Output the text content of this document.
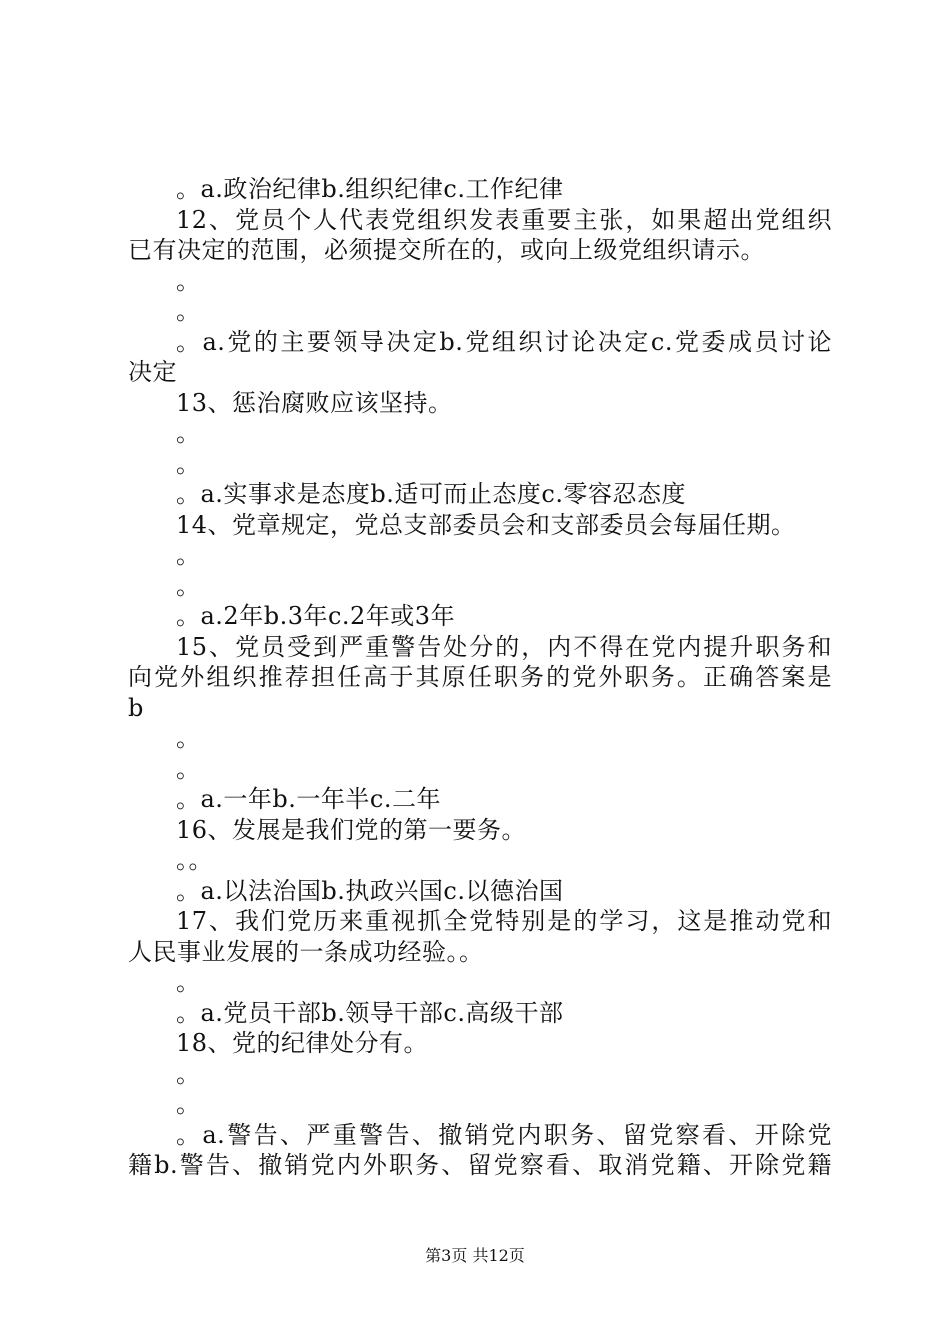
。a.政治纪律b.组织纪律c.工作纪律
12、党员个人代表党组织发表重要主张，如果超出党组织
已有决定的范围，必须提交所在的，或向上级党组织请示。
。
。
。a.党的主要领导决定b.党组织讨论决定c.党委成员讨论
决定
13、惩治腐败应该坚持。
。
。
。a.实事求是态度b.适可而止态度c.零容忍态度
14、党章规定，党总支部委员会和支部委员会每届任期。
。
。
。a.2年b.3年c.2年或3年
15、党员受到严重警告处分的，内不得在党内提升职务和
向党外组织推荐担任高于其原任职务的党外职务。正确答案是
b
。
。
。a.一年b.一年半c.二年
16、发展是我们党的第一要务。
。。
。a.以法治国b.执政兴国c.以德治国
17、我们党历来重视抓全党特别是的学习，这是推动党和
人民事业发展的一条成功经验。。
。
。a.党员干部b.领导干部c.高级干部
18、党的纪律处分有。
。
。
。a.警告、严重警告、撤销党内职务、留党察看、开除党
籍b.警告、撤销党内外职务、留党察看、取消党籍、开除党籍
第3页 共12页
